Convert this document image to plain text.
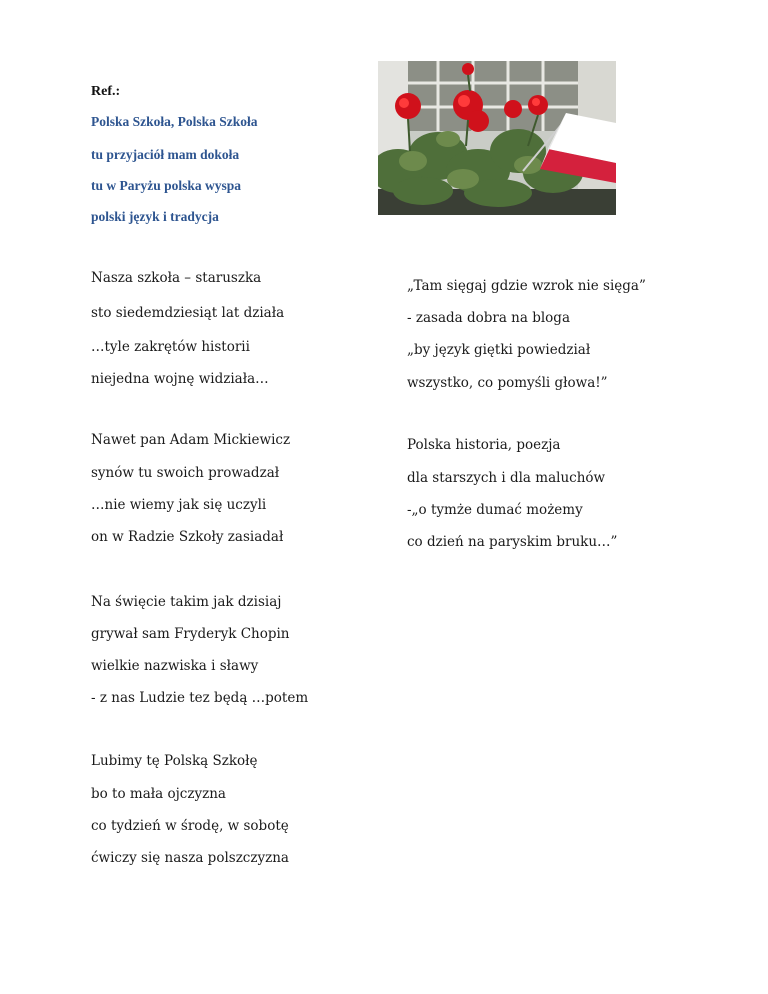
Ref.:
Polska Szkoła, Polska Szkoła
tu przyjaciół mam dokoła
tu w Paryżu polska wyspa
polski język i tradycja
Nasza szkoła – staruszka
sto siedemdziesiąt lat działa
…tyle zakrętów historii
niejedna wojnę widziała…
Nawet pan Adam Mickiewicz
synów tu swoich prowadzał
…nie wiemy jak się uczyli
on w Radzie Szkoły zasiadał
Na święcie takim jak dzisiaj
grywał sam Fryderyk Chopin
wielkie nazwiska i sławy
- z nas Ludzie tez będą …potem
Lubimy tę Polską Szkołę
bo to mała ojczyzna
co tydzień w środę, w sobotę
ćwiczy się nasza polszczyzna
„Tam sięgaj gdzie wzrok nie sięga”
- zasada dobra na bloga
„by język giętki powiedział
wszystko, co pomyśli głowa!”
Polska historia, poezja
dla starszych i dla maluchów
-„o tymże dumać możemy
co dzień na paryskim bruku…”
